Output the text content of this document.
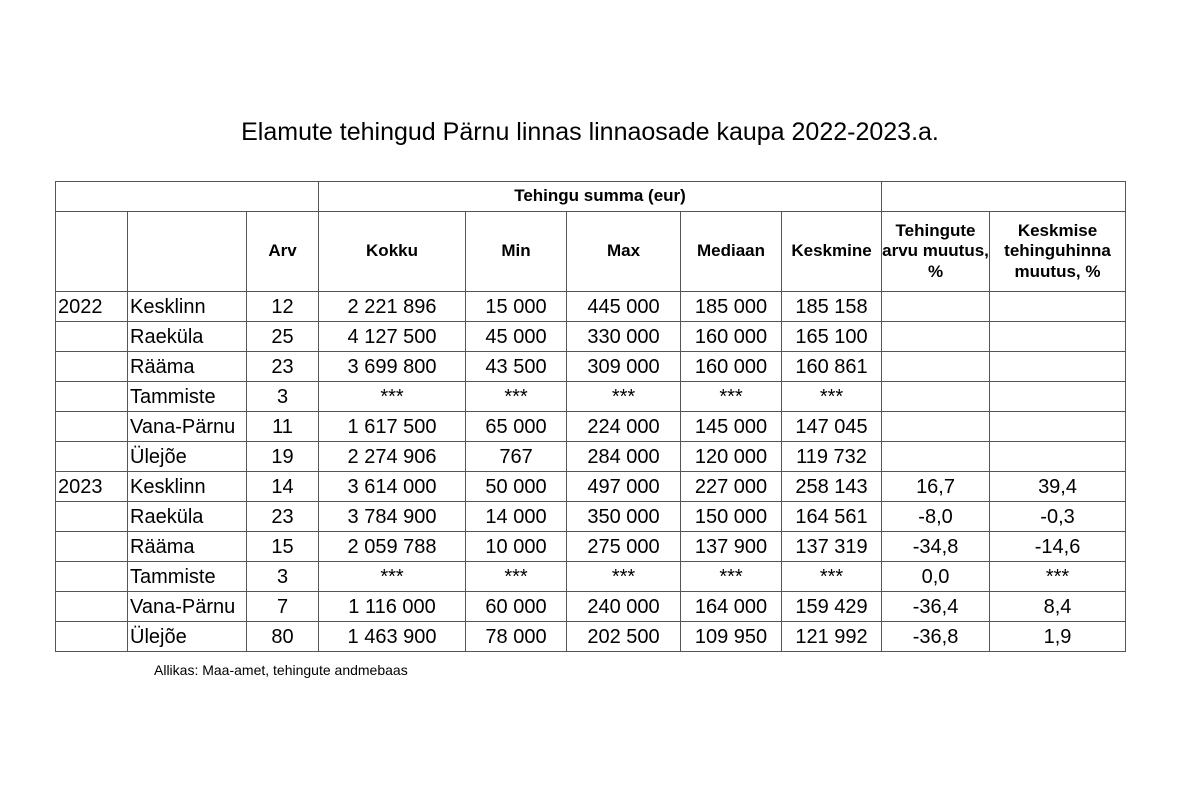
Elamute tehingud Pärnu linnas linnaosade kaupa 2022-2023.a.
			Tehingu summa (eur)						
		Arv	Kokku	Min	Max	Mediaan	Keskmine	Tehingute arvu muutus, %	Keskmise tehinguhinna muutus, %
2022	Kesklinn	12	2 221 896	15 000	445 000	185 000	185 158		
	Raeküla	25	4 127 500	45 000	330 000	160 000	165 100		
	Rääma	23	3 699 800	43 500	309 000	160 000	160 861		
	Tammiste	3	***	***	***	***	***		
	Vana-Pärnu	11	1 617 500	65 000	224 000	145 000	147 045		
	Ülejõe	19	2 274 906	767	284 000	120 000	119 732		
2023	Kesklinn	14	3 614 000	50 000	497 000	227 000	258 143	16,7	39,4
	Raeküla	23	3 784 900	14 000	350 000	150 000	164 561	-8,0	-0,3
	Rääma	15	2 059 788	10 000	275 000	137 900	137 319	-34,8	-14,6
	Tammiste	3	***	***	***	***	***	0,0	***
	Vana-Pärnu	7	1 116 000	60 000	240 000	164 000	159 429	-36,4	8,4
	Ülejõe	80	1 463 900	78 000	202 500	109 950	121 992	-36,8	1,9
Allikas: Maa-amet, tehingute andmebaas
